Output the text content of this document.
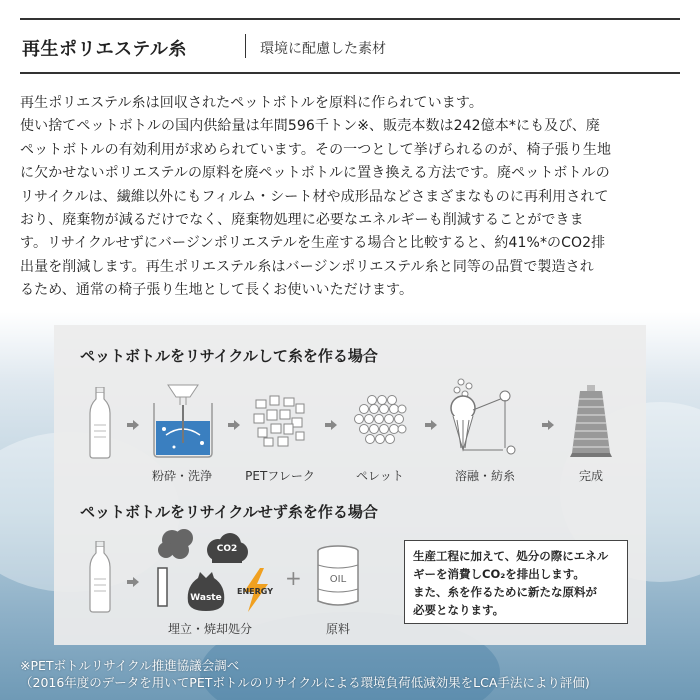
再生ポリエステル糸	環境に配慮した素材
再生ポリエステル糸は回収されたペットボトルを原料に作られています。
使い捨てペットボトルの国内供給量は年間596千トン※、販売本数は242億本*にも及び、廃
ペットボトルの有効利用が求められています。その一つとして挙げられるのが、椅子張り生地
に欠かせないポリエステルの原料を廃ペットボトルに置き換える方法です。廃ペットボトルの
リサイクルは、繊維以外にもフィルム・シート材や成形品などさまざまなものに再利用されて
おり、廃棄物が減るだけでなく、廃棄物処理に必要なエネルギーも削減することができま
す。リサイクルせずにバージンポリエステルを生産する場合と比較すると、約41%*のCO2排
出量を削減します。再生ポリエステル糸はバージンポリエステル糸と同等の品質で製造され
るため、通常の椅子張り生地として長くお使いいただけます。
ペットボトルをリサイクルして糸を作る場合
粉砕・洗浄	PETフレーク	ペレット	溶融・紡糸	完成
ペットボトルをリサイクルせず糸を作る場合
CO2
Waste
ENERGY
埋立・焼却処分
+	OIL
原料
生産工程に加えて、処分の際にエネル
ギーを消費しCO₂を排出します。
また、糸を作るために新たな原料が
必要となります。
※PETボトルリサイクル推進協議会調べ
（2016年度のデータを用いてPETボトルのリサイクルによる環境負荷低減効果をLCA手法により評価)
